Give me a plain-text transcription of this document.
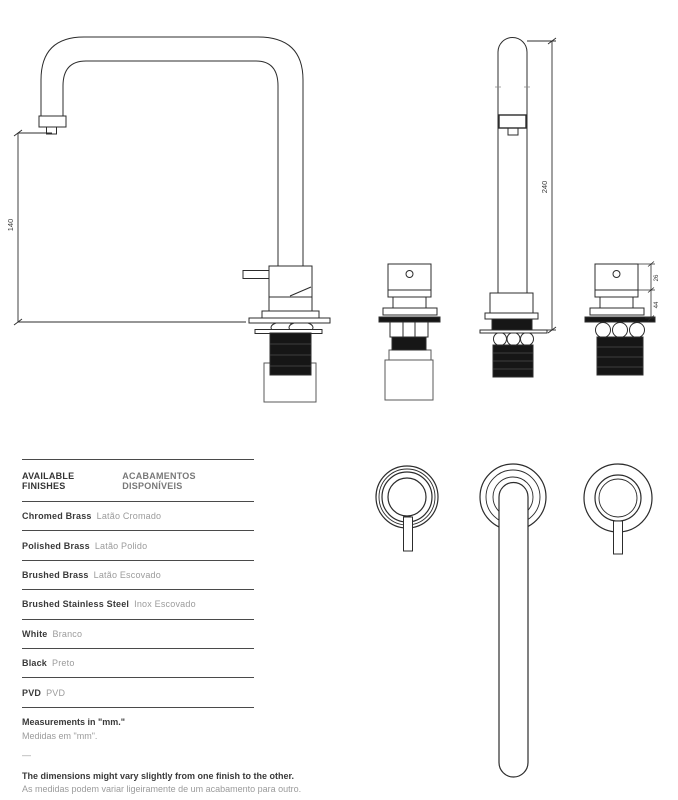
140
240
26
44
AVAILABLE FINISHES
ACABAMENTOS DISPONÍVEIS
Chromed Brass Latão Cromado
Polished Brass Latão Polido
Brushed Brass Latão Escovado
Brushed Stainless Steel Inox Escovado
White Branco
Black Preto
PVD PVD
Measurements in "mm."
Medidas em "mm".
—
The dimensions might vary slightly from one finish to the other.
As medidas podem variar ligeiramente de um acabamento para outro.
